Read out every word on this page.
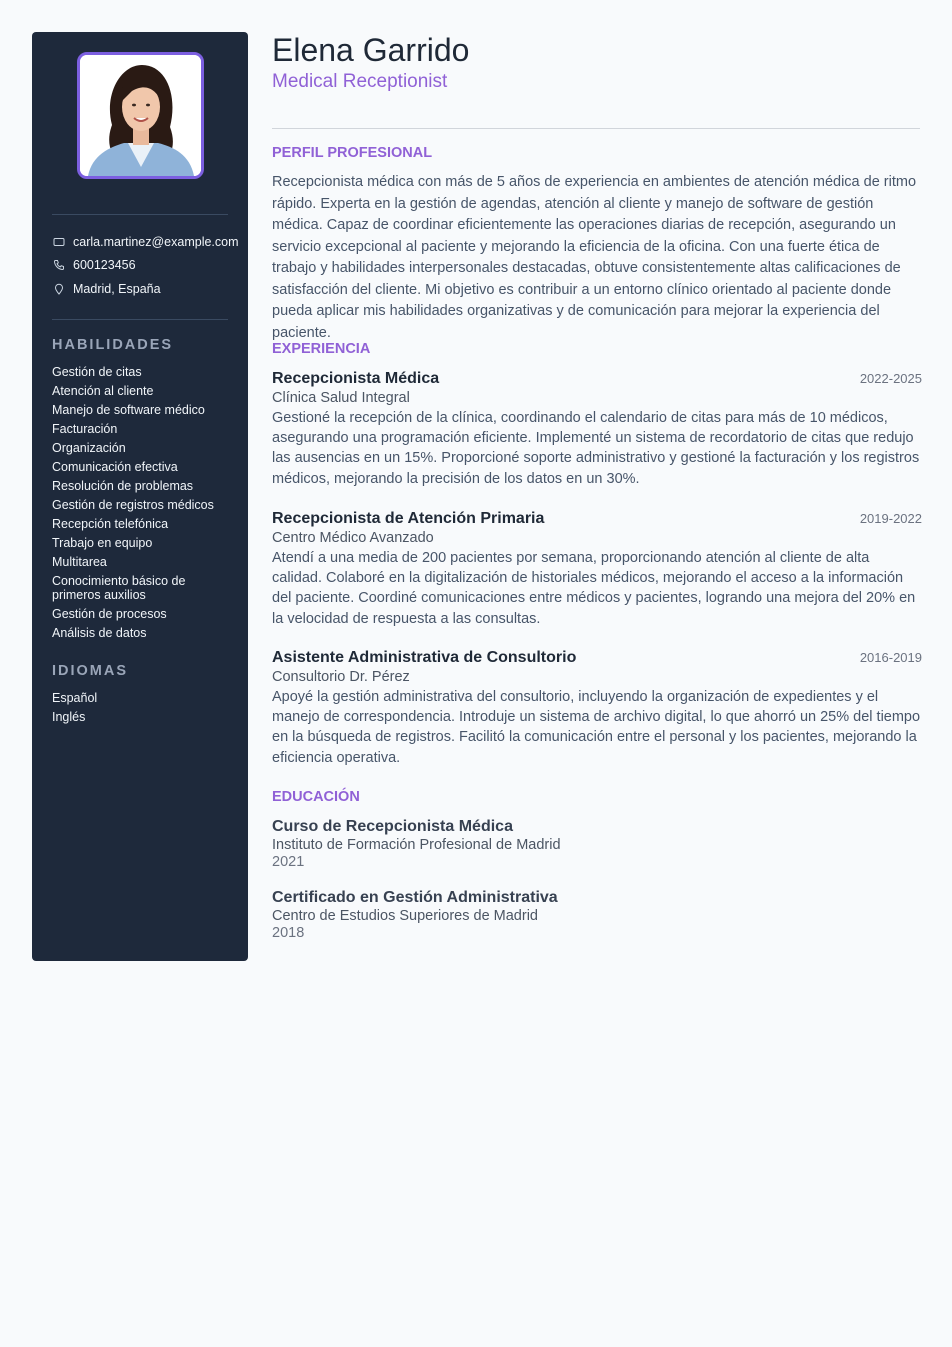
carla.martinez@example.com
600123456
Madrid, España
HABILIDADES
Gestión de citas
Atención al cliente
Manejo de software médico
Facturación
Organización
Comunicación efectiva
Resolución de problemas
Gestión de registros médicos
Recepción telefónica
Trabajo en equipo
Multitarea
Conocimiento básico de primeros auxilios
Gestión de procesos
Análisis de datos
IDIOMAS
Español
Inglés
Elena Garrido
Medical Receptionist
PERFIL PROFESIONAL

Recepcionista médica con más de 5 años de experiencia en ambientes de atención médica de ritmo rápido. Experta en la gestión de agendas, atención al cliente y manejo de software de gestión médica. Capaz de coordinar eficientemente las operaciones diarias de recepción, asegurando un servicio excepcional al paciente y mejorando la eficiencia de la oficina. Con una fuerte ética de trabajo y habilidades interpersonales destacadas, obtuve consistentemente altas calificaciones de satisfacción del cliente. Mi objetivo es contribuir a un entorno clínico orientado al paciente donde pueda aplicar mis habilidades organizativas y de comunicación para mejorar la experiencia del paciente.

EXPERIENCIA
Recepcionista Médica	2022-2025
Clínica Salud Integral
Gestioné la recepción de la clínica, coordinando el calendario de citas para más de 10 médicos, asegurando una programación eficiente. Implementé un sistema de recordatorio de citas que redujo las ausencias en un 15%. Proporcioné soporte administrativo y gestioné la facturación y los registros médicos, mejorando la precisión de los datos en un 30%.
Recepcionista de Atención Primaria	2019-2022
Centro Médico Avanzado
Atendí a una media de 200 pacientes por semana, proporcionando atención al cliente de alta calidad. Colaboré en la digitalización de historiales médicos, mejorando el acceso a la información del paciente. Coordiné comunicaciones entre médicos y pacientes, logrando una mejora del 20% en la velocidad de respuesta a las consultas.
Asistente Administrativa de Consultorio	2016-2019
Consultorio Dr. Pérez
Apoyé la gestión administrativa del consultorio, incluyendo la organización de expedientes y el manejo de correspondencia. Introduje un sistema de archivo digital, lo que ahorró un 25% del tiempo en la búsqueda de registros. Facilitó la comunicación entre el personal y los pacientes, mejorando la eficiencia operativa.
EDUCACIÓN
Curso de Recepcionista Médica
Instituto de Formación Profesional de Madrid
2021
Certificado en Gestión Administrativa
Centro de Estudios Superiores de Madrid
2018
